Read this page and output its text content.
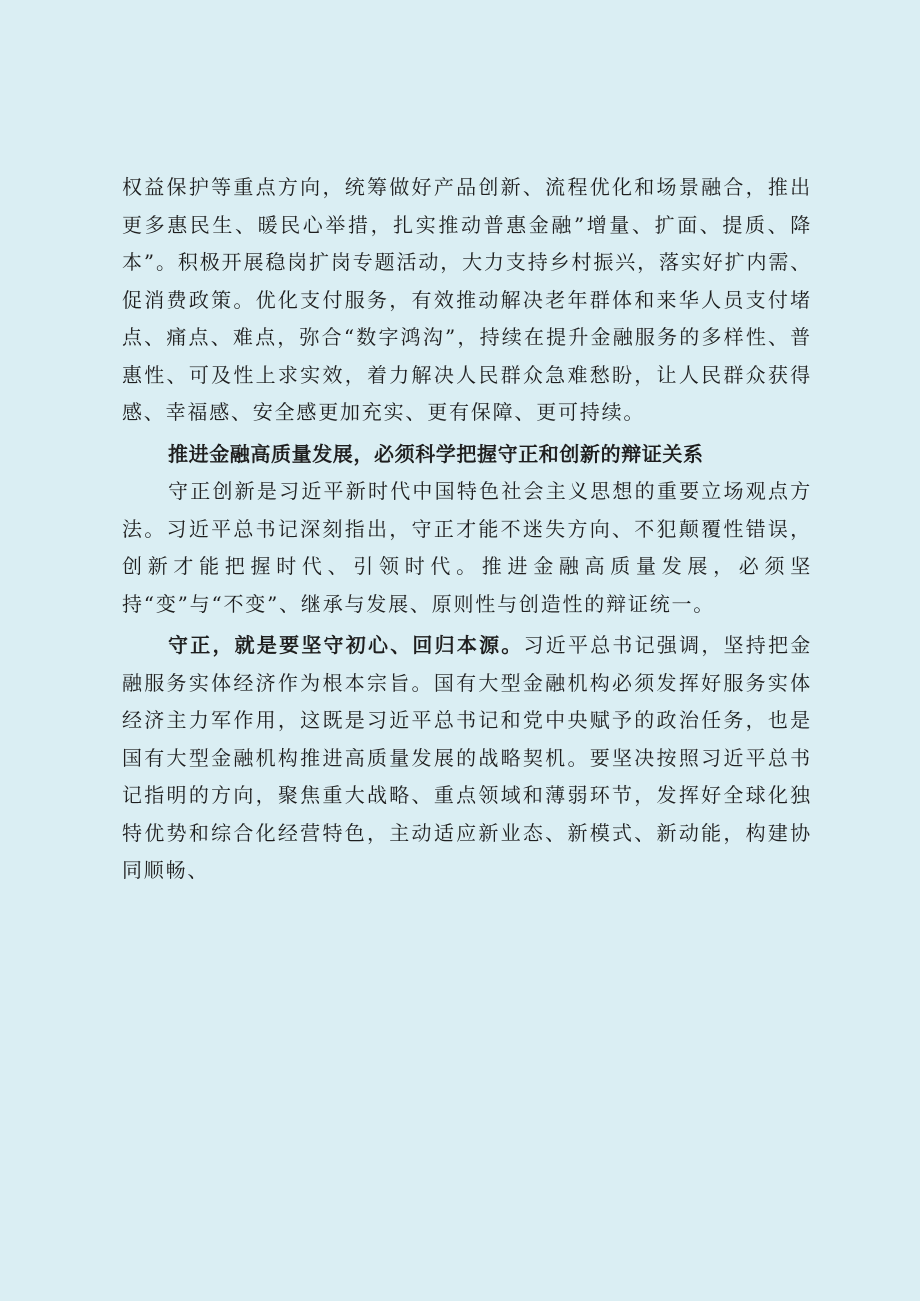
权益保护等重点方向，统筹做好产品创新、流程优化和场景融合，推出更多惠民生、暖民心举措，扎实推动普惠金融”增量、扩面、提质、降本”。积极开展稳岗扩岗专题活动，大力支持乡村振兴，落实好扩内需、促消费政策。优化支付服务，有效推动解决老年群体和来华人员支付堵点、痛点、难点，弥合“数字鸿沟”，持续在提升金融服务的多样性、普惠性、可及性上求实效，着力解决人民群众急难愁盼，让人民群众获得感、幸福感、安全感更加充实、更有保障、更可持续。

推进金融高质量发展，必须科学把握守正和创新的辩证关系

守正创新是习近平新时代中国特色社会主义思想的重要立场观点方法。习近平总书记深刻指出，守正才能不迷失方向、不犯颠覆性错误，创新才能把握时代、引领时代。推进金融高质量发展，必须坚持“变”与“不变”、继承与发展、原则性与创造性的辩证统一。

守正，就是要坚守初心、回归本源。习近平总书记强调，坚持把金融服务实体经济作为根本宗旨。国有大型金融机构必须发挥好服务实体经济主力军作用，这既是习近平总书记和党中央赋予的政治任务，也是国有大型金融机构推进高质量发展的战略契机。要坚决按照习近平总书记指明的方向，聚焦重大战略、重点领域和薄弱环节，发挥好全球化独特优势和综合化经营特色，主动适应新业态、新模式、新动能，构建协同顺畅、
